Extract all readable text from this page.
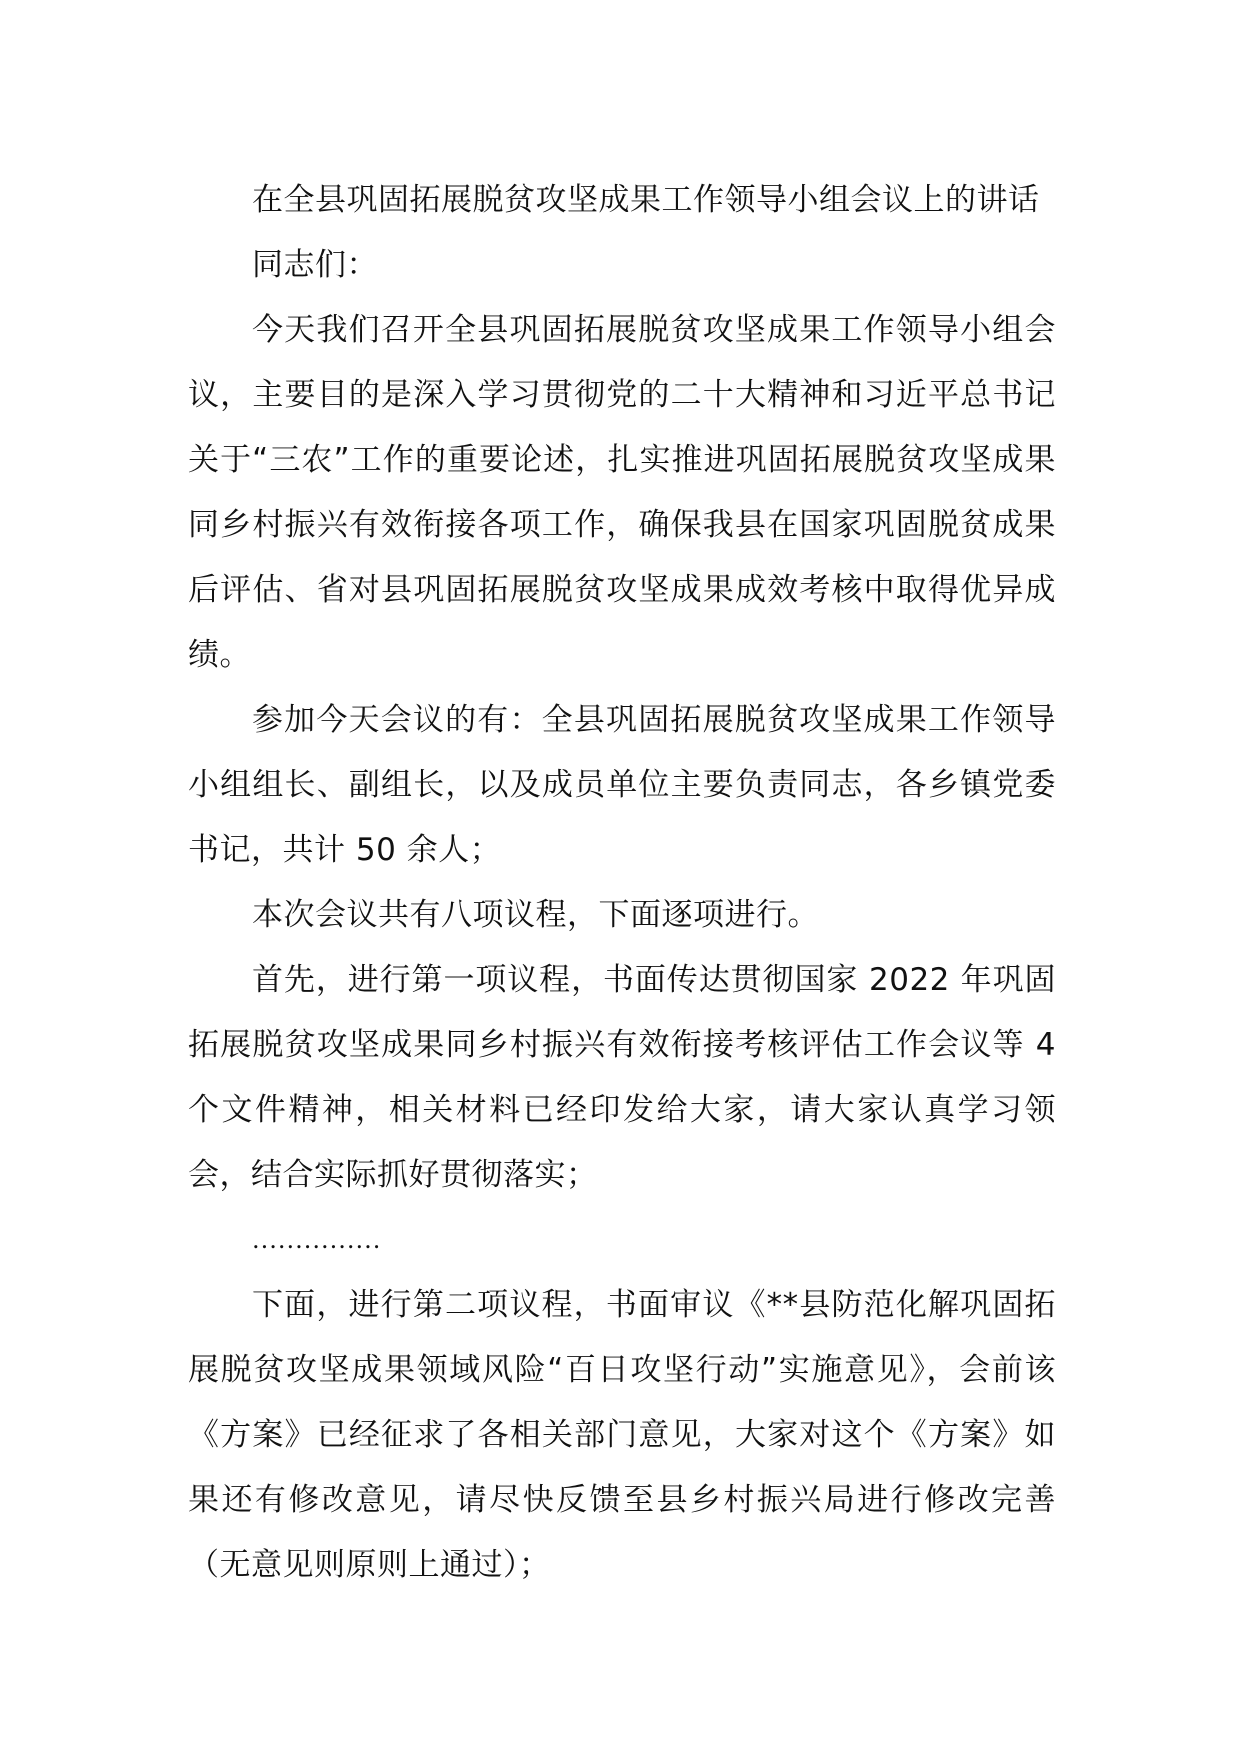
在全县巩固拓展脱贫攻坚成果工作领导小组会议上的讲话

同志们：

今天我们召开全县巩固拓展脱贫攻坚成果工作领导小组会议，主要目的是深入学习贯彻党的二十大精神和习近平总书记关于“三农”工作的重要论述，扎实推进巩固拓展脱贫攻坚成果同乡村振兴有效衔接各项工作，确保我县在国家巩固脱贫成果后评估、省对县巩固拓展脱贫攻坚成果成效考核中取得优异成绩。

参加今天会议的有：全县巩固拓展脱贫攻坚成果工作领导小组组长、副组长，以及成员单位主要负责同志，各乡镇党委书记，共计 50 余人；

本次会议共有八项议程，下面逐项进行。

首先，进行第一项议程，书面传达贯彻国家 2022 年巩固拓展脱贫攻坚成果同乡村振兴有效衔接考核评估工作会议等 4 个文件精神，相关材料已经印发给大家，请大家认真学习领会，结合实际抓好贯彻落实；

...............

下面，进行第二项议程，书面审议《**县防范化解巩固拓展脱贫攻坚成果领域风险“百日攻坚行动”实施意见》，会前该《方案》已经征求了各相关部门意见，大家对这个《方案》如果还有修改意见，请尽快反馈至县乡村振兴局进行修改完善（无意见则原则上通过）；
